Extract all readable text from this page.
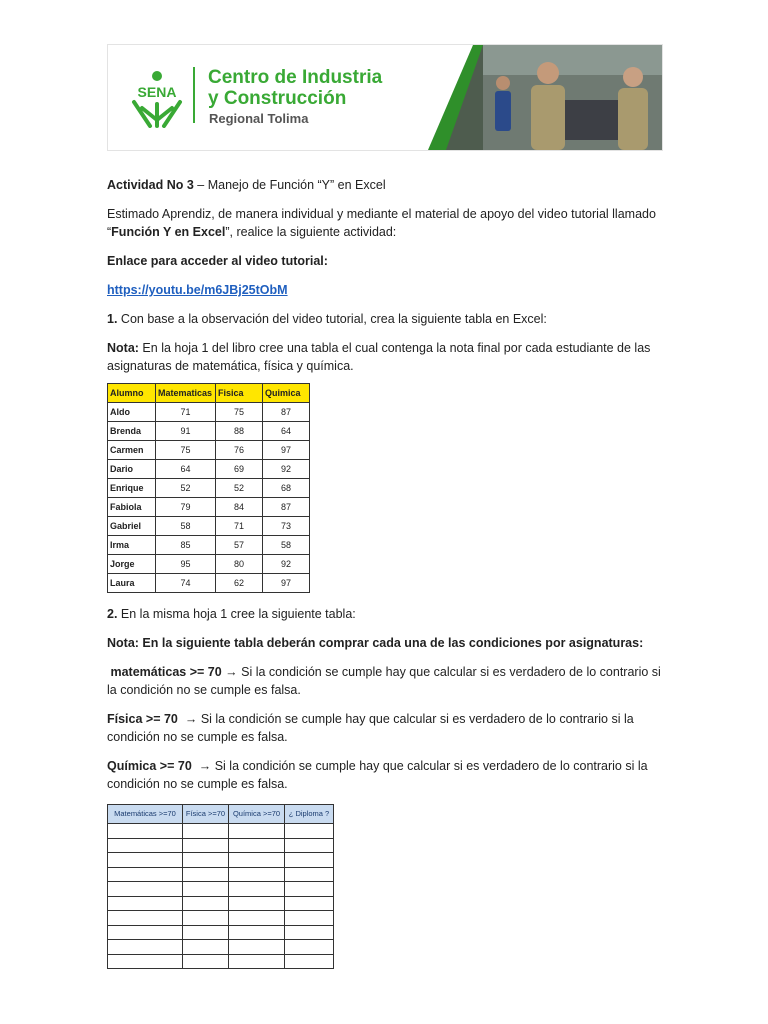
SENA
Centro de Industria
y Construcción
Regional Tolima

Actividad No 3 – Manejo de Función “Y” en Excel

Estimado Aprendiz, de manera individual y mediante el material de apoyo del video tutorial llamado “Función Y en Excel”, realice la siguiente actividad:

Enlace para acceder al video tutorial:

https://youtu.be/m6JBj25tObM

1. Con base a la observación del video tutorial, crea la siguiente tabla en Excel:

Nota: En la hoja 1 del libro cree una tabla el cual contenga la nota final por cada estudiante de las asignaturas de matemática, física y química.

Alumno	Matematicas	Fisica	Quimica
Aldo	71	75	87
Brenda	91	88	64
Carmen	75	76	97
Dario	64	69	92
Enrique	52	52	68
Fabiola	79	84	87
Gabriel	58	71	73
Irma	85	57	58
Jorge	95	80	92
Laura	74	62	97

2. En la misma hoja 1 cree la siguiente tabla:

Nota: En la siguiente tabla deberán comprar cada una de las condiciones por asignaturas:

matemáticas >= 70 → Si la condición se cumple hay que calcular si es verdadero de lo contrario si la condición no se cumple es falsa.

Física >= 70 → Si la condición se cumple hay que calcular si es verdadero de lo contrario si la condición no se cumple es falsa.

Química >= 70 → Si la condición se cumple hay que calcular si es verdadero de lo contrario si la condición no se cumple es falsa.

Matemáticas >=70	Física >=70	Química >=70	¿ Diploma ?
